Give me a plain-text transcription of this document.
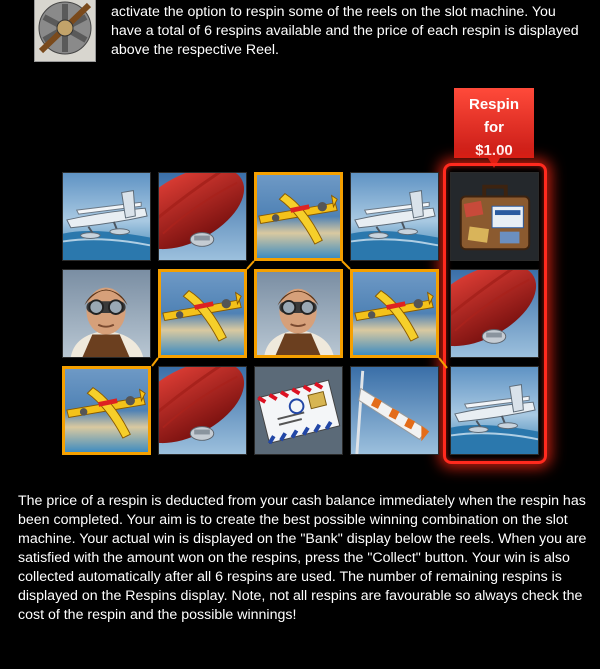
activate the option to respin some of the reels on the slot machine. You have a total of 6 respins available and the price of each respin is displayed above the respective Reel.

Respin
for
$1.00

The price of a respin is deducted from your cash balance immediately when the respin has been completed. Your aim is to create the best possible winning combination on the slot machine. Your actual win is displayed on the "Bank" display below the reels. When you are satisfied with the amount won on the respins, press the "Collect" button. Your win is also collected automatically after all 6 respins are used. The number of remaining respins is displayed on the Respins display. Note, not all respins are favourable so always check the cost of the respin and the possible winnings!
